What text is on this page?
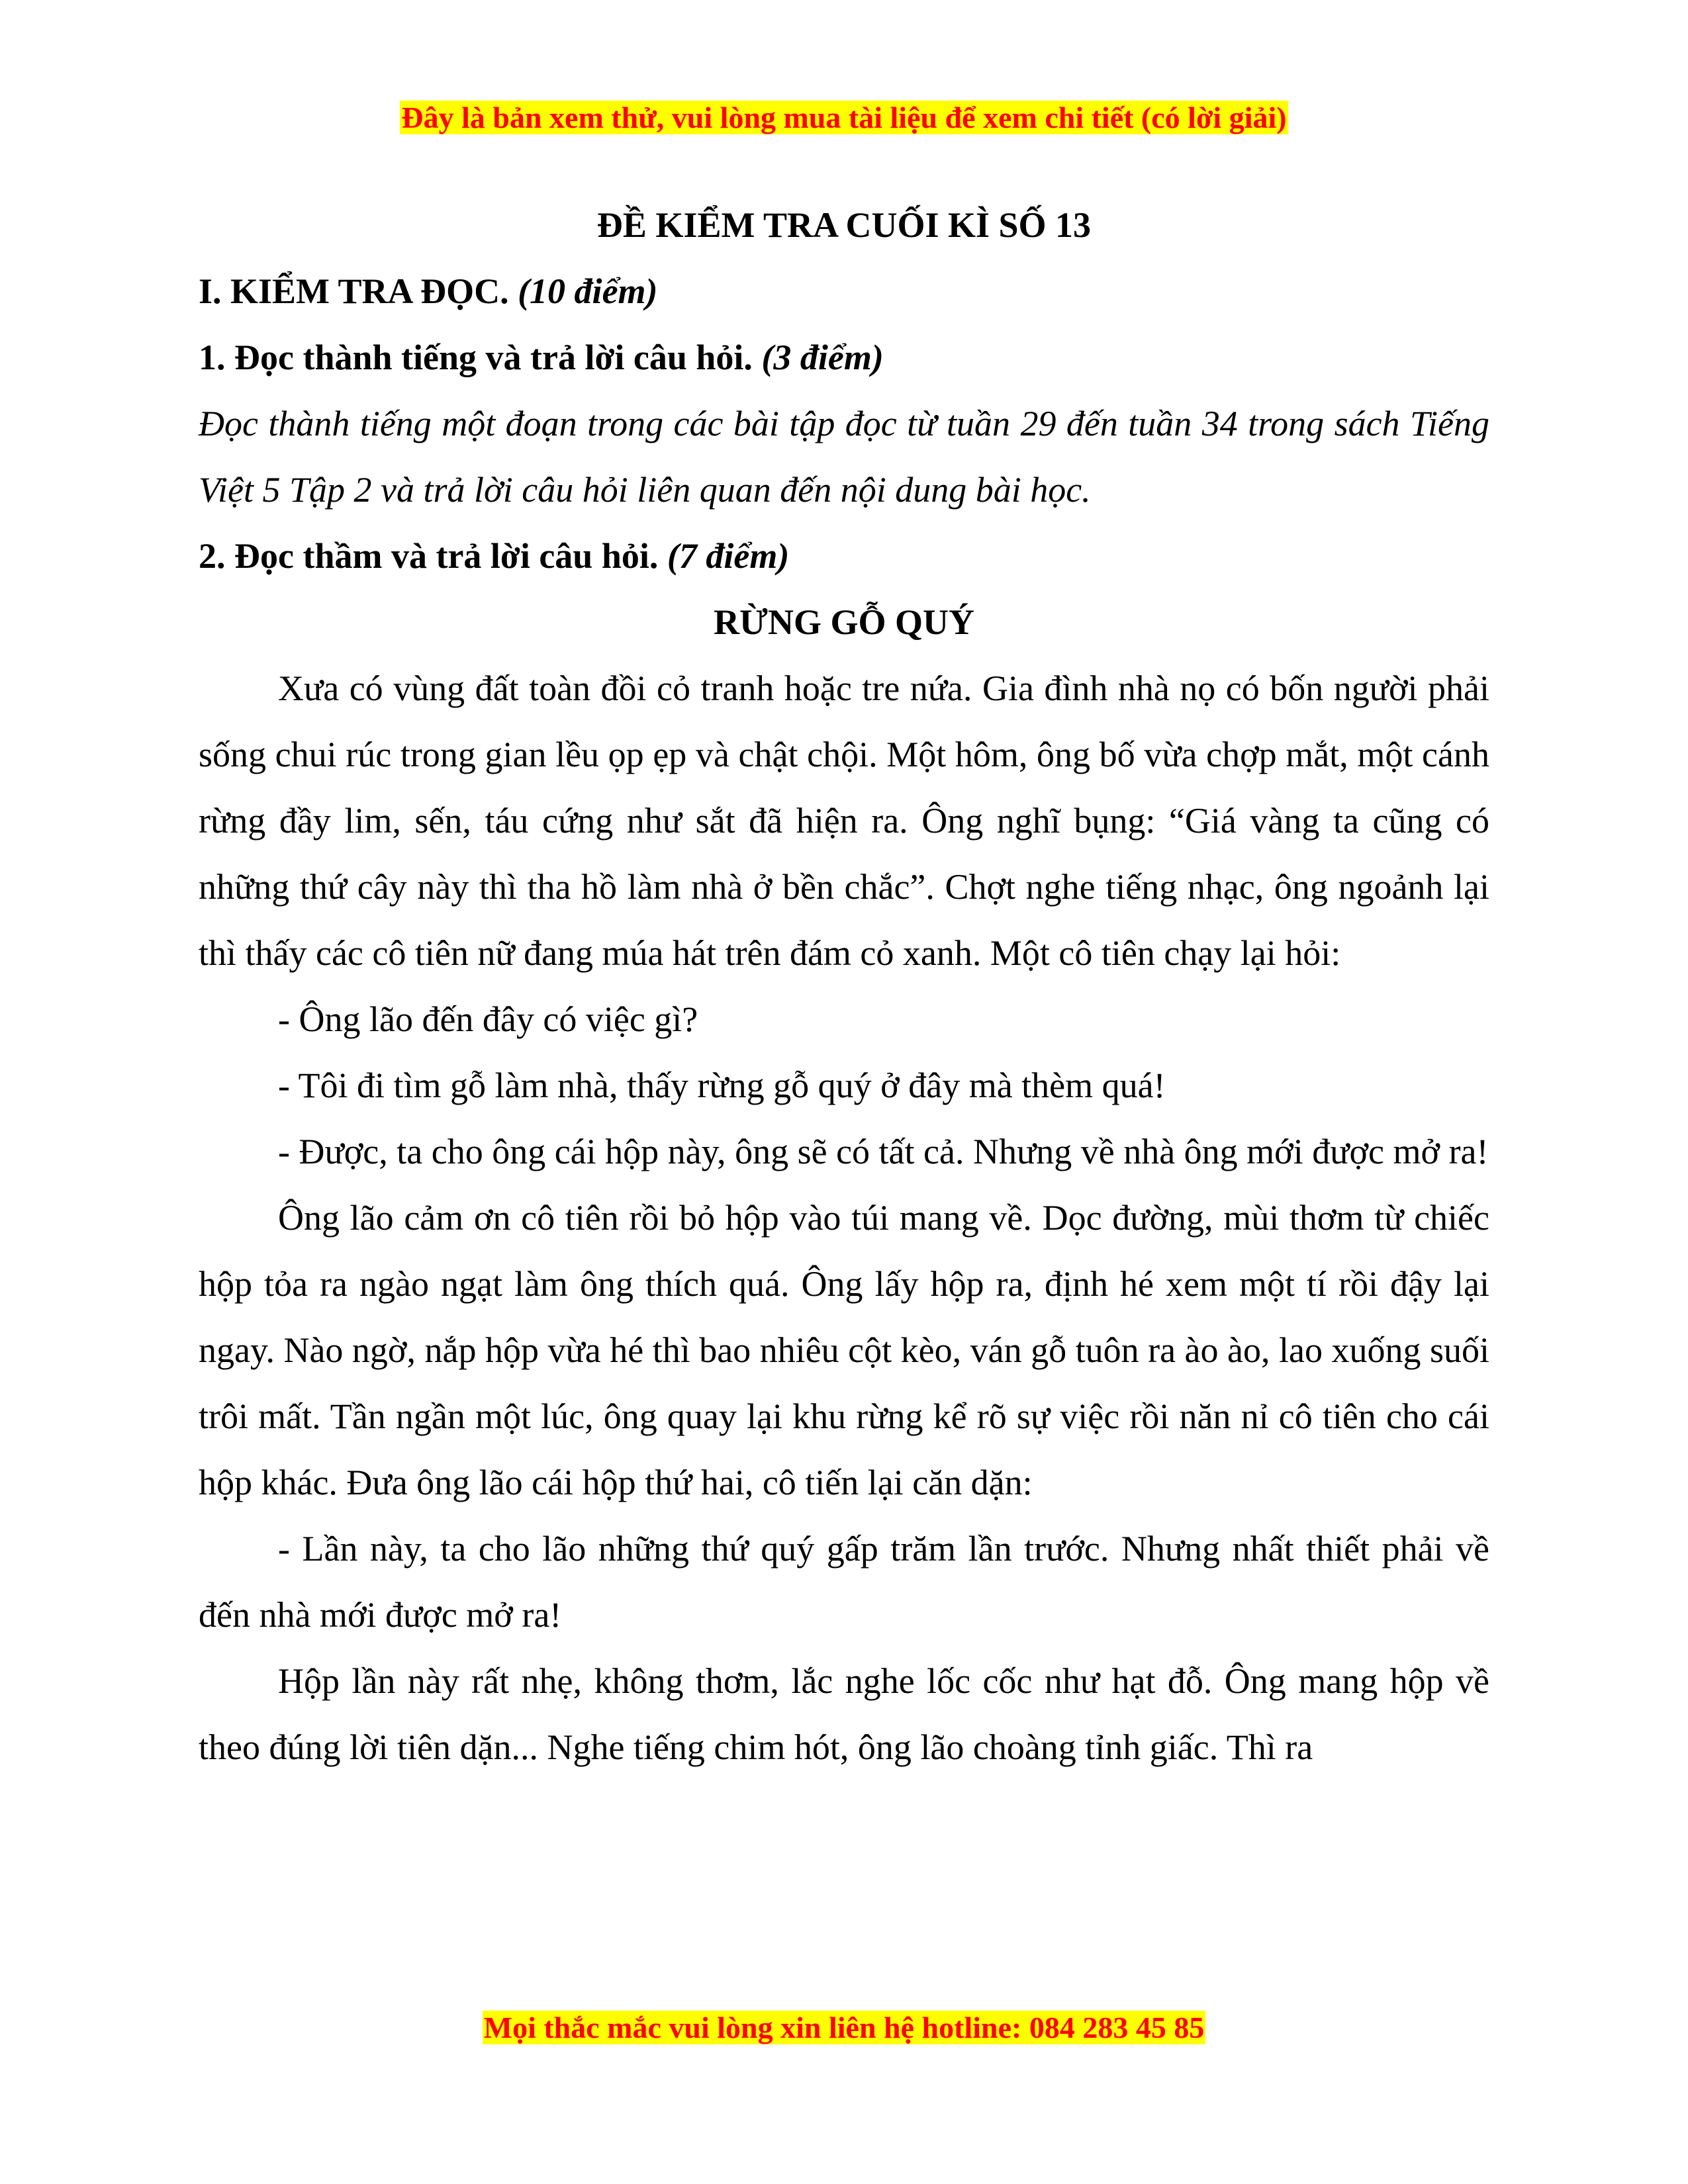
Đây là bản xem thử, vui lòng mua tài liệu để xem chi tiết (có lời giải)
ĐỀ KIỂM TRA CUỐI KÌ SỐ 13
I. KIỂM TRA ĐỌC. (10 điểm)
1. Đọc thành tiếng và trả lời câu hỏi. (3 điểm)

Đọc thành tiếng một đoạn trong các bài tập đọc từ tuần 29 đến tuần 34 trong sách Tiếng Việt 5 Tập 2 và trả lời câu hỏi liên quan đến nội dung bài học.

2. Đọc thầm và trả lời câu hỏi. (7 điểm)
RỪNG GỖ QUÝ

Xưa có vùng đất toàn đồi cỏ tranh hoặc tre nứa. Gia đình nhà nọ có bốn người phải sống chui rúc trong gian lều ọp ẹp và chật chội. Một hôm, ông bố vừa chợp mắt, một cánh rừng đầy lim, sến, táu cứng như sắt đã hiện ra. Ông nghĩ bụng: “Giá vàng ta cũng có những thứ cây này thì tha hồ làm nhà ở bền chắc”. Chợt nghe tiếng nhạc, ông ngoảnh lại thì thấy các cô tiên nữ đang múa hát trên đám cỏ xanh. Một cô tiên chạy lại hỏi:

- Ông lão đến đây có việc gì?

- Tôi đi tìm gỗ làm nhà, thấy rừng gỗ quý ở đây mà thèm quá!

- Được, ta cho ông cái hộp này, ông sẽ có tất cả. Nhưng về nhà ông mới được mở ra!

Ông lão cảm ơn cô tiên rồi bỏ hộp vào túi mang về. Dọc đường, mùi thơm từ chiếc hộp tỏa ra ngào ngạt làm ông thích quá. Ông lấy hộp ra, định hé xem một tí rồi đậy lại ngay. Nào ngờ, nắp hộp vừa hé thì bao nhiêu cột kèo, ván gỗ tuôn ra ào ào, lao xuống suối trôi mất. Tần ngần một lúc, ông quay lại khu rừng kể rõ sự việc rồi năn nỉ cô tiên cho cái hộp khác. Đưa ông lão cái hộp thứ hai, cô tiến lại căn dặn:

- Lần này, ta cho lão những thứ quý gấp trăm lần trước. Nhưng nhất thiết phải về đến nhà mới được mở ra!

Hộp lần này rất nhẹ, không thơm, lắc nghe lốc cốc như hạt đỗ. Ông mang hộp về theo đúng lời tiên dặn... Nghe tiếng chim hót, ông lão choàng tỉnh giấc. Thì ra

Mọi thắc mắc vui lòng xin liên hệ hotline: 084 283 45 85
